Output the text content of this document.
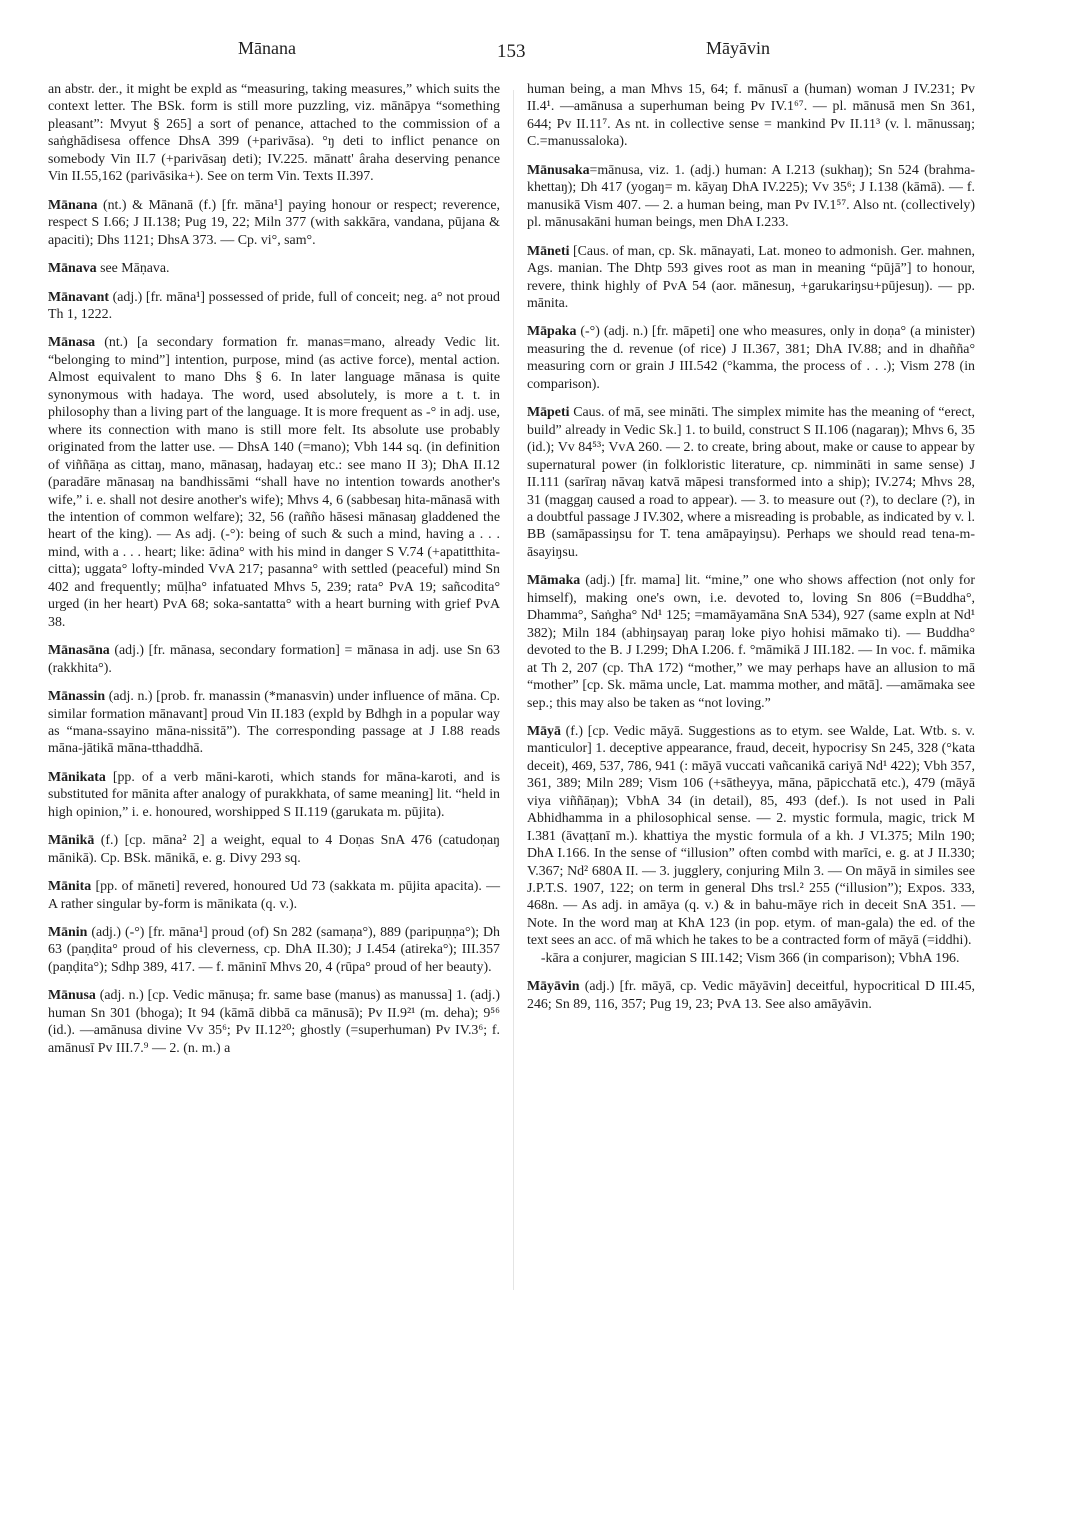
Mānana	153	Māyāvin

an abstr. der., it might be expld as “measuring, taking measures,” which suits the context letter. The BSk. form is still more puzzling, viz. mānāpya “something pleasant”: Mvyut § 265] a sort of penance, attached to the commission of a saṅghādisesa offence DhsA 399 (+parivāsa). °ŋ deti to inflict penance on somebody Vin II.7 (+parivāsaŋ deti); IV.225. mānatt' âraha deserving penance Vin II.55,162 (parivāsika+). See on term Vin. Texts II.397.

Mānana (nt.) & Mānanā (f.) [fr. māna¹] paying honour or respect; reverence, respect S I.66; J II.138; Pug 19, 22; Miln 377 (with sakkāra, vandana, pūjana & apaciti); Dhs 1121; DhsA 373. — Cp. vi°, sam°.

Mānava see Māṇava.

Mānavant (adj.) [fr. māna¹] possessed of pride, full of conceit; neg. a° not proud Th 1, 1222.

Mānasa (nt.) [a secondary formation fr. manas=mano, already Vedic lit. “belonging to mind”] intention, purpose, mind (as active force), mental action. Almost equivalent to mano Dhs § 6. In later language mānasa is quite synonymous with hadaya. The word, used absolutely, is more a t. t. in philosophy than a living part of the language. It is more frequent as -° in adj. use, where its connection with mano is still more felt. Its absolute use probably originated from the latter use. — DhsA 140 (=mano); Vbh 144 sq. (in definition of viññāṇa as cittaŋ, mano, mānasaŋ, hadayaŋ etc.: see mano II 3); DhA II.12 (paradāre mānasaŋ na bandhissāmi “shall have no intention towards another's wife,” i. e. shall not desire another's wife); Mhvs 4, 6 (sabbesaŋ hita-mānasā with the intention of common welfare); 32, 56 (rañño hāsesi mānasaŋ gladdened the heart of the king). — As adj. (-°): being of such & such a mind, having a . . . mind, with a . . . heart; like: ādina° with his mind in danger S V.74 (+apatitthita-citta); uggata° lofty-minded VvA 217; pasanna° with settled (peaceful) mind Sn 402 and frequently; mūḷha° infatuated Mhvs 5, 239; rata° PvA 19; sañcodita° urged (in her heart) PvA 68; soka-santatta° with a heart burning with grief PvA 38.

Mānasāna (adj.) [fr. mānasa, secondary formation] = mānasa in adj. use Sn 63 (rakkhita°).

Mānassin (adj. n.) [prob. fr. manassin (*manasvin) under influence of māna. Cp. similar formation mānavant] proud Vin II.183 (expld by Bdhgh in a popular way as “mana-ssayino māna-nissitā”). The corresponding passage at J I.88 reads māna-jātikā māna-tthaddhā.

Mānikata [pp. of a verb māni-karoti, which stands for māna-karoti, and is substituted for mānita after analogy of purakkhata, of same meaning] lit. “held in high opinion,” i. e. honoured, worshipped S II.119 (garukata m. pūjita).

Mānikā (f.) [cp. māna² 2] a weight, equal to 4 Doṇas SnA 476 (catudoṇaŋ mānikā). Cp. BSk. mānikā, e. g. Divy 293 sq.

Mānita [pp. of māneti] revered, honoured Ud 73 (sakkata m. pūjita apacita). — A rather singular by-form is mānikata (q. v.).

Mānin (adj.) (-°) [fr. māna¹] proud (of) Sn 282 (samaṇa°), 889 (paripuṇṇa°); Dh 63 (paṇḍita° proud of his cleverness, cp. DhA II.30); J I.454 (atireka°); III.357 (paṇḍita°); Sdhp 389, 417. — f. māninī Mhvs 20, 4 (rūpa° proud of her beauty).

Mānusa (adj. n.) [cp. Vedic mānuṣa; fr. same base (manus) as manussa] 1. (adj.) human Sn 301 (bhoga); It 94 (kāmā dibbā ca mānusā); Pv II.9²¹ (m. deha); 9⁵⁶ (id.). —amānusa divine Vv 35⁶; Pv II.12²⁰; ghostly (=superhuman) Pv IV.3⁶; f. amānusī Pv III.7.⁹ — 2. (n. m.) a

human being, a man Mhvs 15, 64; f. mānusī a (human) woman J IV.231; Pv II.4¹. —amānusa a superhuman being Pv IV.1⁶⁷. — pl. mānusā men Sn 361, 644; Pv II.11⁷. As nt. in collective sense = mankind Pv II.11³ (v. l. mānussaŋ; C.=manussaloka).

Mānusaka=mānusa, viz. 1. (adj.) human: A I.213 (sukhaŋ); Sn 524 (brahma-khettaŋ); Dh 417 (yogaŋ= m. kāyaŋ DhA IV.225); Vv 35⁶; J I.138 (kāmā). — f. manusikā Vism 407. — 2. a human being, man Pv IV.1⁵⁷. Also nt. (collectively) pl. mānusakāni human beings, men DhA I.233.

Māneti [Caus. of man, cp. Sk. mānayati, Lat. moneo to admonish. Ger. mahnen, Ags. manian. The Dhtp 593 gives root as man in meaning “pūjā”] to honour, revere, think highly of PvA 54 (aor. mānesuŋ, +garukariŋsu+pūjesuŋ). — pp. mānita.

Māpaka (-°) (adj. n.) [fr. māpeti] one who measures, only in doṇa° (a minister) measuring the d. revenue (of rice) J II.367, 381; DhA IV.88; and in dhañña° measuring corn or grain J III.542 (°kamma, the process of . . .); Vism 278 (in comparison).

Māpeti Caus. of mā, see mināti. The simplex mimite has the meaning of “erect, build” already in Vedic Sk.] 1. to build, construct S II.106 (nagaraŋ); Mhvs 6, 35 (id.); Vv 84⁵³; VvA 260. — 2. to create, bring about, make or cause to appear by supernatural power (in folkloristic literature, cp. nimmināti in same sense) J II.111 (sarīraŋ nāvaŋ katvā māpesi transformed into a ship); IV.274; Mhvs 28, 31 (maggaŋ caused a road to appear). — 3. to measure out (?), to declare (?), in a doubtful passage J IV.302, where a misreading is probable, as indicated by v. l. BB (samāpassiŋsu for T. tena amāpayiŋsu). Perhaps we should read tena-m-āsayiŋsu.

Māmaka (adj.) [fr. mama] lit. “mine,” one who shows affection (not only for himself), making one's own, i.e. devoted to, loving Sn 806 (=Buddha°, Dhamma°, Saṅgha° Nd¹ 125; =mamāyamāna SnA 534), 927 (same expln at Nd¹ 382); Miln 184 (abhiŋsayaŋ paraŋ loke piyo hohisi māmako ti). — Buddha° devoted to the B. J I.299; DhA I.206. f. °māmikā J III.182. — In voc. f. māmika at Th 2, 207 (cp. ThA 172) “mother,” we may perhaps have an allusion to mā “mother” [cp. Sk. māma uncle, Lat. mamma mother, and mātā]. —amāmaka see sep.; this may also be taken as “not loving.”

Māyā (f.) [cp. Vedic māyā. Suggestions as to etym. see Walde, Lat. Wtb. s. v. manticulor] 1. deceptive appearance, fraud, deceit, hypocrisy Sn 245, 328 (°kata deceit), 469, 537, 786, 941 (: māyā vuccati vañcanikā cariyā Nd¹ 422); Vbh 357, 361, 389; Miln 289; Vism 106 (+sātheyya, māna, pāpicchatā etc.), 479 (māyā viya viññāṇaŋ); VbhA 34 (in detail), 85, 493 (def.). Is not used in Pali Abhidhamma in a philosophical sense. — 2. mystic formula, magic, trick M I.381 (āvaṭṭanī m.). khattiya the mystic formula of a kh. J VI.375; Miln 190; DhA I.166. In the sense of “illusion” often combd with marīci, e. g. at J II.330; V.367; Nd² 680A II. — 3. jugglery, conjuring Miln 3. — On māyā in similes see J.P.T.S. 1907, 122; on term in general Dhs trsl.² 255 (“illusion”); Expos. 333, 468n. — As adj. in amāya (q. v.) & in bahu-māye rich in deceit SnA 351. — Note. In the word maŋ at KhA 123 (in pop. etym. of man-gala) the ed. of the text sees an acc. of mā which he takes to be a contracted form of māyā (=iddhi).

-kāra a conjurer, magician S III.142; Vism 366 (in comparison); VbhA 196.

Māyāvin (adj.) [fr. māyā, cp. Vedic māyāvin] deceitful, hypocritical D III.45, 246; Sn 89, 116, 357; Pug 19, 23; PvA 13. See also amāyāvin.
